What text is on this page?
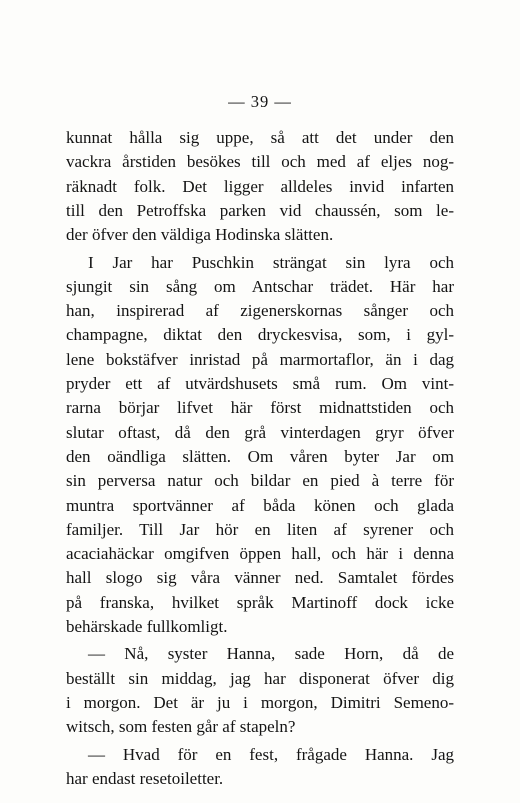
— 39 —
kunnat hålla sig uppe, så att det under den
vackra årstiden besökes till och med af eljes nog-
räknadt folk. Det ligger alldeles invid infarten
till den Petroffska parken vid chaussén, som le-
der öfver den väldiga Hodinska slätten.
I Jar har Puschkin strängat sin lyra och
sjungit sin sång om Antschar trädet. Här har
han, inspirerad af zigenerskornas sånger och
champagne, diktat den dryckesvisa, som, i gyl-
lene bokstäfver inristad på marmortaflor, än i dag
pryder ett af utvärdshusets små rum. Om vint-
rarna börjar lifvet här först midnattstiden och
slutar oftast, då den grå vinterdagen gryr öfver
den oändliga slätten. Om våren byter Jar om
sin perversa natur och bildar en pied à terre för
muntra sportvänner af båda könen och glada
familjer. Till Jar hör en liten af syrener och
acaciahäckar omgifven öppen hall, och här i denna
hall slogo sig våra vänner ned. Samtalet fördes
på franska, hvilket språk Martinoff dock icke
behärskade fullkomligt.
— Nå, syster Hanna, sade Horn, då de
beställt sin middag, jag har disponerat öfver dig
i morgon. Det är ju i morgon, Dimitri Semeno-
witsch, som festen går af stapeln?
— Hvad för en fest, frågade Hanna. Jag
har endast resetoiletter.
